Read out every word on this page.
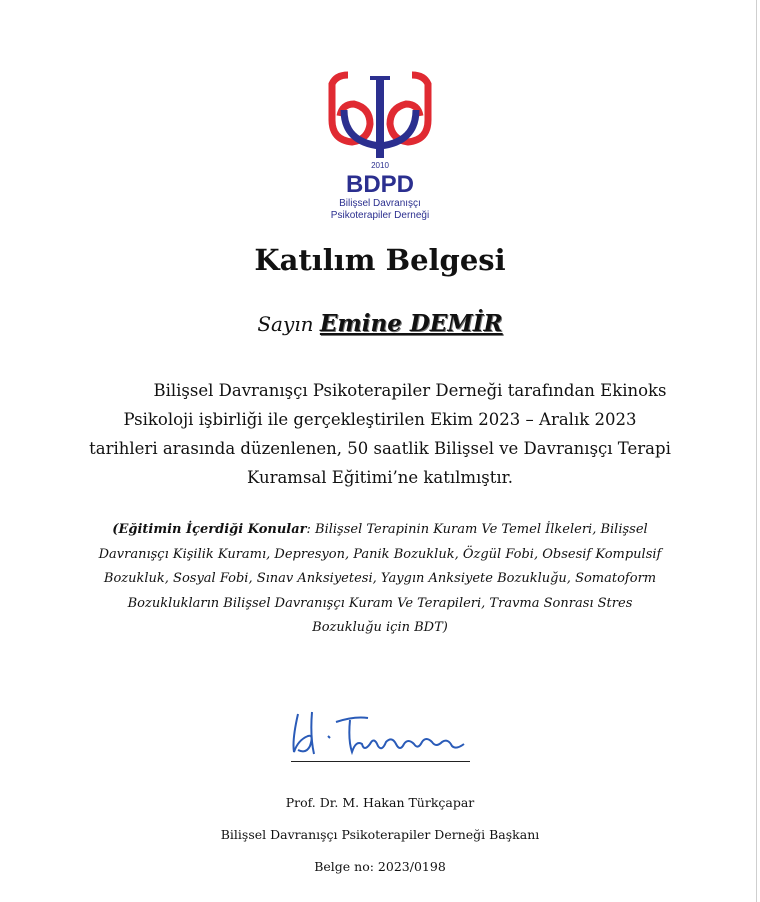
2010
BDPD
Bilişsel Davranışçı
Psikoterapiler Derneği
Katılım Belgesi
Sayın Emine DEMİR
Bilişsel Davranışçı Psikoterapiler Derneği tarafından Ekinoks
Psikoloji işbirliği ile gerçekleştirilen Ekim 2023 – Aralık 2023
tarihleri arasında düzenlenen, 50 saatlik Bilişsel ve Davranışçı Terapi
Kuramsal Eğitimi’ne katılmıştır.
(Eğitimin İçerdiği Konular: Bilişsel Terapinin Kuram Ve Temel İlkeleri, Bilişsel
Davranışçı Kişilik Kuramı, Depresyon, Panik Bozukluk, Özgül Fobi, Obsesif Kompulsif
Bozukluk, Sosyal Fobi, Sınav Anksiyetesi, Yaygın Anksiyete Bozukluğu, Somatoform
Bozuklukların Bilişsel Davranışçı Kuram Ve Terapileri, Travma Sonrası Stres
Bozukluğu için BDT)
Prof. Dr. M. Hakan Türkçapar
Bilişsel Davranışçı Psikoterapiler Derneği Başkanı
Belge no: 2023/0198
